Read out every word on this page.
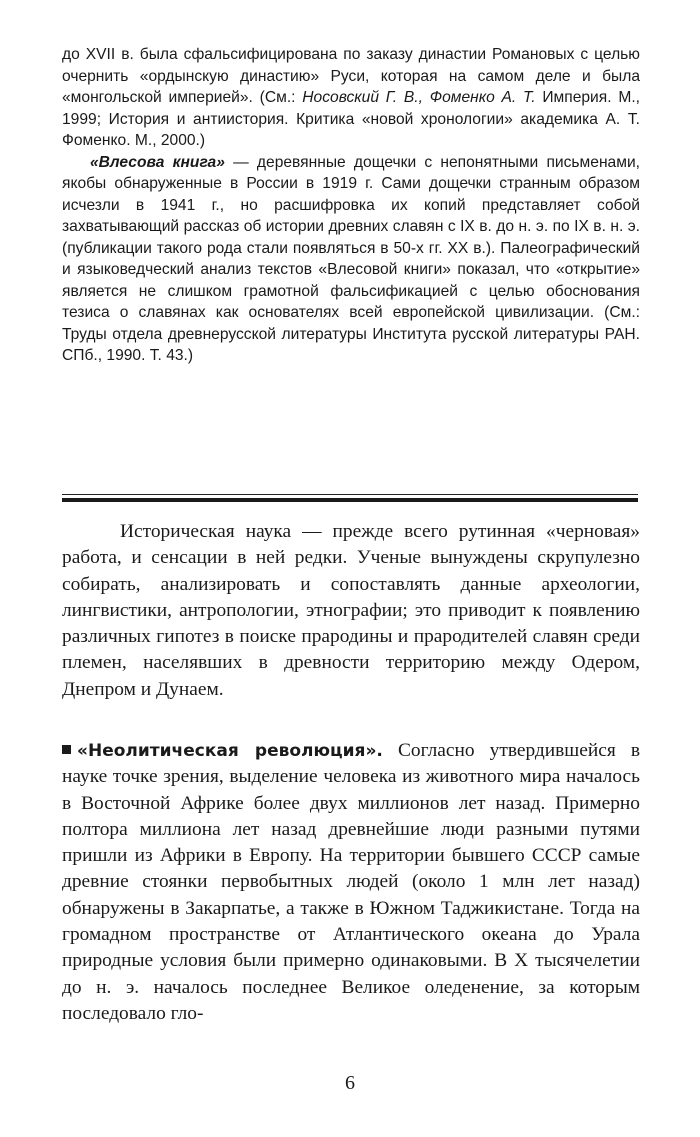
до XVII в. была сфальсифицирована по заказу династии Романовых с целью очернить «ордынскую династию» Руси, которая на самом деле и была «монгольской империей». (См.: Носовский Г. В., Фоменко А. Т. Империя. М., 1999; История и антиистория. Критика «новой хронологии» академика А. Т. Фоменко. М., 2000.)

«Влесова книга» — деревянные дощечки с непонятными письменами, якобы обнаруженные в России в 1919 г. Сами дощечки странным образом исчезли в 1941 г., но расшифровка их копий представляет собой захватывающий рассказ об истории древних славян с IX в. до н. э. по IX в. н. э. (публикации такого рода стали появляться в 50-х гг. XX в.). Палеографический и языковедческий анализ текстов «Влесовой книги» показал, что «открытие» является не слишком грамотной фальсификацией с целью обоснования тезиса о славянах как основателях всей европейской цивилизации. (См.: Труды отдела древнерусской литературы Института русской литературы РАН. СПб., 1990. Т. 43.)

Историческая наука — прежде всего рутинная «черновая» работа, и сенсации в ней редки. Ученые вынуждены скрупулезно собирать, анализировать и сопоставлять данные археологии, лингвистики, антропологии, этнографии; это приводит к появлению различных гипотез в поиске прародины и прародителей славян среди племен, населявших в древности территорию между Одером, Днепром и Дунаем.

«Неолитическая революция». Согласно утвердившейся в науке точке зрения, выделение человека из животного мира началось в Восточной Африке более двух миллионов лет назад. Примерно полтора миллиона лет назад древнейшие люди разными путями пришли из Африки в Европу. На территории бывшего СССР самые древние стоянки первобытных людей (около 1 млн лет назад) обнаружены в Закарпатье, а также в Южном Таджикистане. Тогда на громадном пространстве от Атлантического океана до Урала природные условия были примерно одинаковыми. В X тысячелетии до н. э. началось последнее Великое оледенение, за которым последовало гло-

6
